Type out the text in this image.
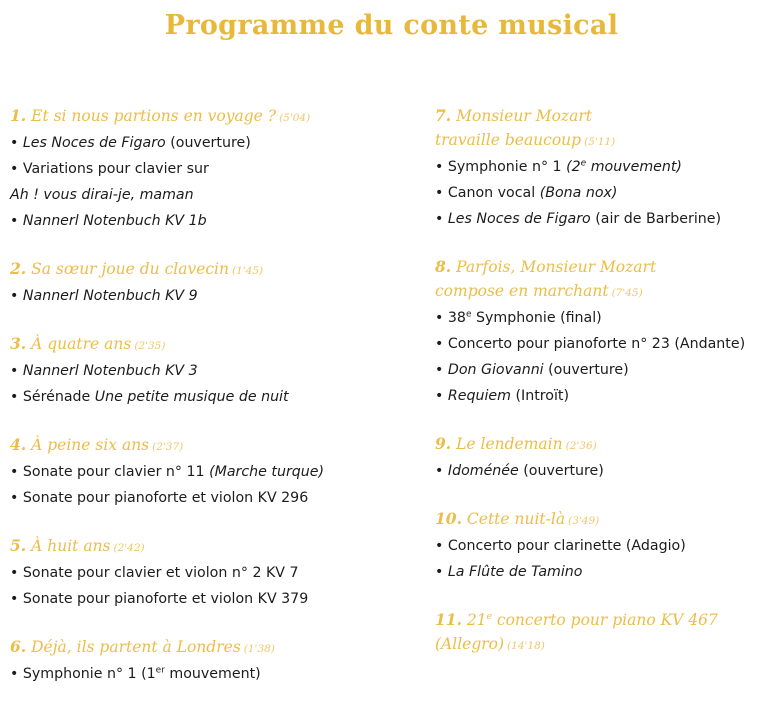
Programme du conte musical
1. Et si nous partions en voyage ? (5'04)
• Les Noces de Figaro (ouverture)
• Variations pour clavier sur
Ah ! vous dirai-je, maman
• Nannerl Notenbuch KV 1b
2. Sa sœur joue du clavecin (1'45)
• Nannerl Notenbuch KV 9
3. À quatre ans (2'35)
• Nannerl Notenbuch KV 3
• Sérénade Une petite musique de nuit
4. À peine six ans (2'37)
• Sonate pour clavier n° 11 (Marche turque)
• Sonate pour pianoforte et violon KV 296
5. À huit ans (2'42)
• Sonate pour clavier et violon n° 2 KV 7
• Sonate pour pianoforte et violon KV 379
6. Déjà, ils partent à Londres (1'38)
• Symphonie n° 1 (1er mouvement)
7. Monsieur Mozart
travaille beaucoup (5'11)
• Symphonie n° 1 (2e mouvement)
• Canon vocal (Bona nox)
• Les Noces de Figaro (air de Barberine)
8. Parfois, Monsieur Mozart
compose en marchant (7'45)
• 38e Symphonie (final)
• Concerto pour pianoforte n° 23 (Andante)
• Don Giovanni (ouverture)
• Requiem (Introït)
9. Le lendemain (2'36)
• Idoménée (ouverture)
10. Cette nuit-là (3'49)
• Concerto pour clarinette (Adagio)
• La Flûte de Tamino
11. 21e concerto pour piano KV 467
(Allegro) (14'18)
